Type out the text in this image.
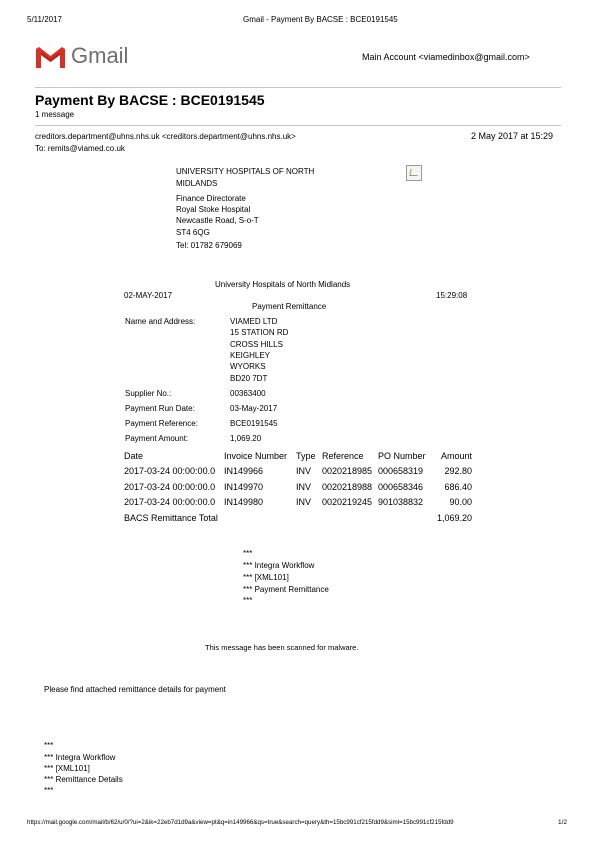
5/11/2017	Gmail - Payment By BACSE : BCE0191545
Gmail	Main Account <viamedinbox@gmail.com>
Payment By BACSE : BCE0191545
1 message
creditors.department@uhns.nhs.uk <creditors.department@uhns.nhs.uk>	2 May 2017 at 15:29
To: remits@viamed.co.uk
UNIVERSITY HOSPITALS OF NORTH
MIDLANDS
Finance Directorate
Royal Stoke Hospital
Newcastle Road, S-o-T
ST4 6QG
Tel: 01782 679069
University Hospitals of North Midlands
02-MAY-2017	15:29:08
Payment Remittance
Name and Address:	VIAMED LTD
15 STATION RD
CROSS HILLS
KEIGHLEY
WYORKS
BD20 7DT
Supplier No.:	00363400
Payment Run Date:	03-May-2017
Payment Reference:	BCE0191545
Payment Amount:	1,069.20
Date	Invoice Number	Type	Reference	PO Number	Amount
2017-03-24 00:00:00.0	IN149966	INV	0020218985	000658319	292.80
2017-03-24 00:00:00.0	IN149970	INV	0020218988	000658346	686.40
2017-03-24 00:00:00.0	IN149980	INV	0020219245	901038832	90.00
BACS Remittance Total					1,069.20
***
*** Integra Workflow
*** [XML101]
*** Payment Remittance
***
This message has been scanned for malware.
Please find attached remittance details for payment
***
*** Integra Workflow
*** [XML101]
*** Remittance Details
***
https://mail.google.com/mail/b/62/u/0/?ui=2&ik=22eb7d1d9a&view=pt&q=in149966&qs=true&search=query&th=15bc991cf215fdd9&siml=15bc991cf215fdd9	1/2
